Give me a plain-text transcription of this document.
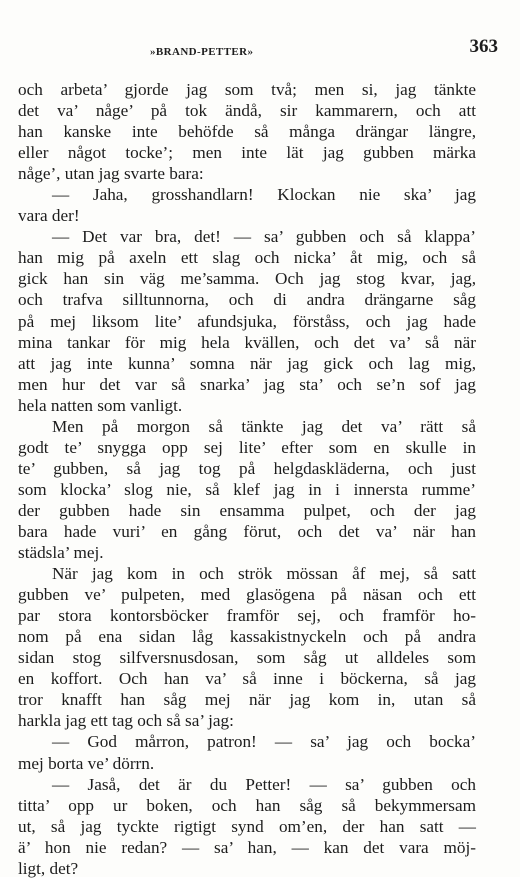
»BRAND-PETTER»	363
och arbeta’ gjorde jag som två; men si, jag tänkte
det va’ någe’ på tok ändå, sir kammarern, och att
han kanske inte behöfde så många drängar längre,
eller något tocke’; men inte lät jag gubben märka
någe’, utan jag svarte bara:
— Jaha, grosshandlarn! Klockan nie ska’ jag
vara der!
— Det var bra, det! — sa’ gubben och så klappa’
han mig på axeln ett slag och nicka’ åt mig, och så
gick han sin väg me’samma. Och jag stog kvar, jag,
och trafva silltunnorna, och di andra drängarne såg
på mej liksom lite’ afundsjuka, förståss, och jag hade
mina tankar för mig hela kvällen, och det va’ så när
att jag inte kunna’ somna när jag gick och lag mig,
men hur det var så snarka’ jag sta’ och se’n sof jag
hela natten som vanligt.
Men på morgon så tänkte jag det va’ rätt så
godt te’ snygga opp sej lite’ efter som en skulle in
te’ gubben, så jag tog på helgdaskläderna, och just
som klocka’ slog nie, så klef jag in i innersta rumme’
der gubben hade sin ensamma pulpet, och der jag
bara hade vuri’ en gång förut, och det va’ när han
städsla’ mej.
När jag kom in och strök mössan åf mej, så satt
gubben ve’ pulpeten, med glasögena på näsan och ett
par stora kontorsböcker framför sej, och framför ho-
nom på ena sidan låg kassakistnyckeln och på andra
sidan stog silfversnusdosan, som såg ut alldeles som
en koffort. Och han va’ så inne i böckerna, så jag
tror knafft han såg mej när jag kom in, utan så
harkla jag ett tag och så sa’ jag:
— God mårron, patron! — sa’ jag och bocka’
mej borta ve’ dörrn.
— Jaså, det är du Petter! — sa’ gubben och
titta’ opp ur boken, och han såg så bekymmersam
ut, så jag tyckte rigtigt synd om’en, der han satt —
ä’ hon nie redan? — sa’ han, — kan det vara möj-
ligt, det?
